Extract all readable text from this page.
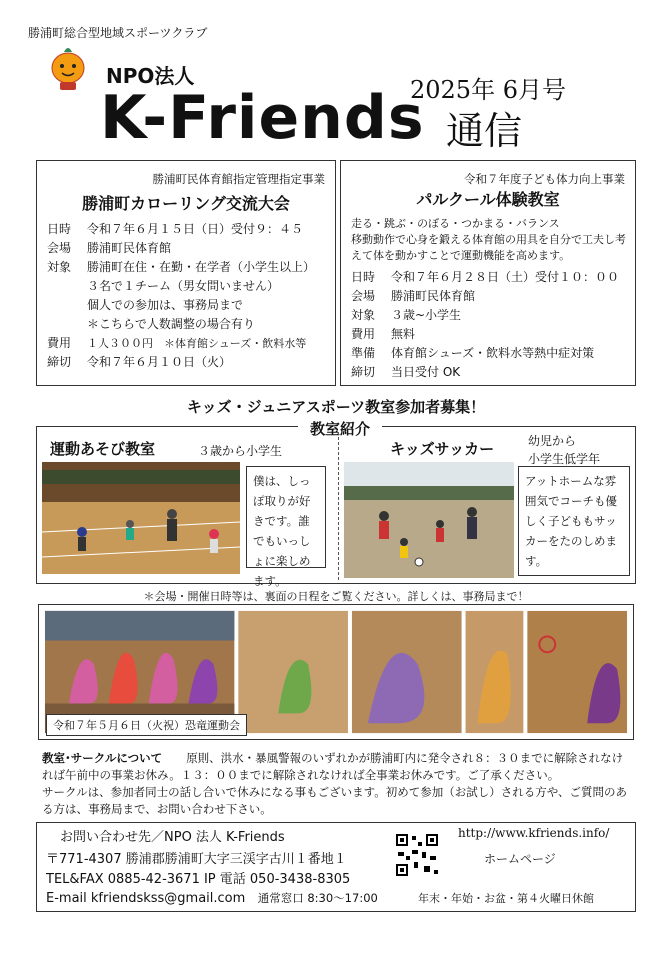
勝浦町総合型地域スポーツクラブ
NPO法人	2025年 6月号
K-Friends 通信
勝浦町民体育館指定管理指定事業
勝浦町カローリング交流大会
日時	令和７年６月１５日（日）受付９：４５
会場	勝浦町民体育館
対象	勝浦町在住・在勤・在学者（小学生以上）
３名で１チーム（男女問いません）
個人での参加は、事務局まで
＊こちらで人数調整の場合有り
費用	１人３００円　＊体育館シューズ・飲料水等
締切	令和７年６月１０日（火）
令和７年度子ども体力向上事業
パルクール体験教室
走る・跳ぶ・のぼる・つかまる・バランス
移動動作で心身を鍛える体育館の用具を自分で工夫し考えて体を動かすことで運動機能を高めます。
日時	令和７年６月２８日（土）受付１０：００
会場	勝浦町民体育館
対象	３歳~小学生
費用	無料
準備	体育館シューズ・飲料水等熱中症対策
締切	当日受付 OK
キッズ・ジュニアスポーツ教室参加者募集！
教室紹介
運動あそび教室	３歳から小学生	キッズサッカー	幼児から
小学生低学年
僕は、しっぽ取りが好きです。誰でもいっしょに楽しめます。
アットホームな雰囲気でコーチも優しく子どももサッカーをたのしめます。
＊会場・開催日時等は、裏面の日程をご覧ください。詳しくは、事務局まで！
令和７年５月６日（火祝）恐竜運動会
教室･サークルについて 原則、洪水・暴風警報のいずれかが勝浦町内に発令され８：３０までに解除されなければ午前中の事業お休み。１３：００までに解除されなければ全事業お休みです。ご了承ください。
サークルは、参加者同士の話し合いで休みになる事もございます。初めて参加（お試し）される方や、ご質問のある方は、事務局まで、お問い合わせ下さい。
お問い合わせ先／NPO 法人 K-Friends
〒771-4307 勝浦郡勝浦町大字三渓字古川１番地１
TEL&FAX 0885-42-3671 IP 電話 050-3438-8305
E-mail kfriendskss@gmail.com 通常窓口 8:30〜17:00	年末・年始・お盆・第４火曜日休館
http://www.kfriends.info/
ホームページ
